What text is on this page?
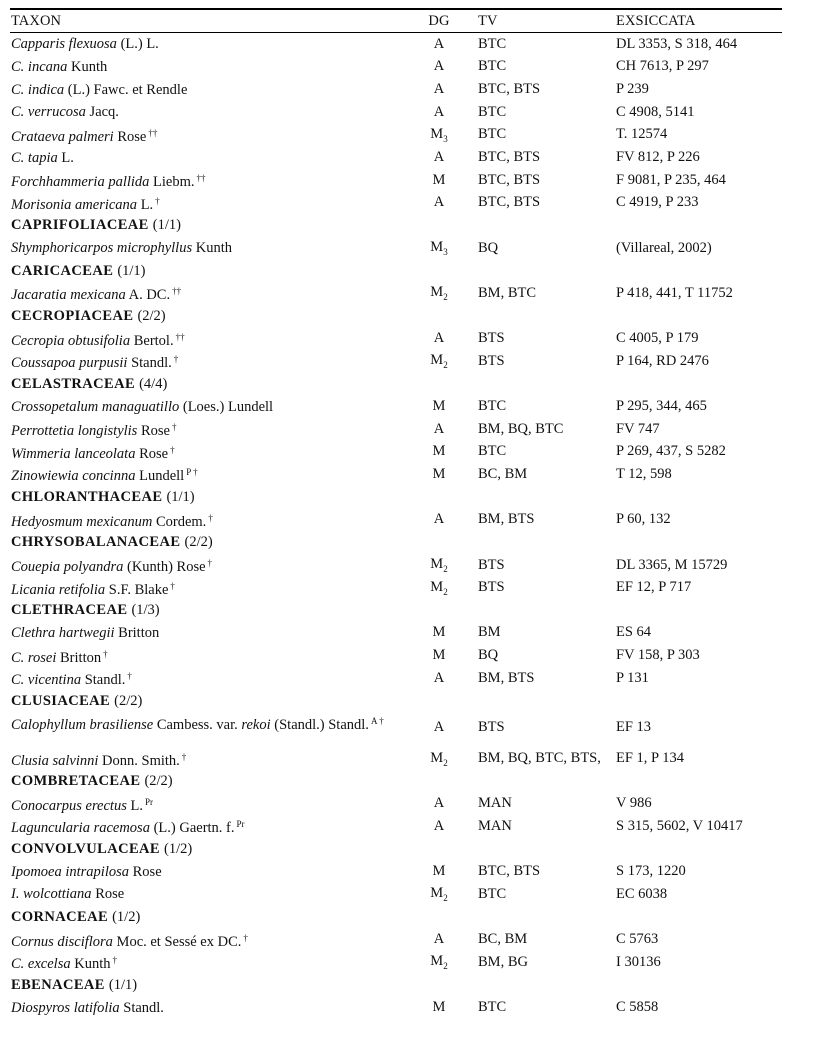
TAXON	DG	TV	EXSICCATA
Capparis flexuosa (L.) L.	A	BTC	DL 3353, S 318, 464
C. incana Kunth	A	BTC	CH 7613, P 297
C. indica (L.) Fawc. et Rendle	A	BTC, BTS	P 239
C. verrucosa Jacq.	A	BTC	C 4908, 5141
Crataeva palmeri Rose ††	$M_3$	BTC	T. 12574
C. tapia L.	A	BTC, BTS	FV 812, P 226
Forchhammeria pallida Liebm. ††	M	BTC, BTS	F 9081, P 235, 464
Morisonia americana L. †	A	BTC, BTS	C 4919, P 233
CAPRIFOLIACEAE (1/1)
Shymphoricarpos microphyllus Kunth	$M_3$	BQ	(Villareal, 2002)
CARICACEAE (1/1)
Jacaratia mexicana A. DC. ††	$M_2$	BM, BTC	P 418, 441, T 11752
CECROPIACEAE (2/2)
Cecropia obtusifolia Bertol. ††	A	BTS	C 4005, P 179
Coussapoa purpusii Standl. †	$M_2$	BTS	P 164, RD 2476
CELASTRACEAE (4/4)
Crossopetalum managuatillo (Loes.) Lundell	M	BTC	P 295, 344, 465
Perrottetia longistylis Rose †	A	BM, BQ, BTC	FV 747
Wimmeria lanceolata Rose †	M	BTC	P 269, 437, S 5282
Zinowiewia concinna Lundell $^{P \dagger}$	M	BC, BM	T 12, 598
CHLORANTHACEAE (1/1)
Hedyosmum mexicanum Cordem. †	A	BM, BTS	P 60, 132
CHRYSOBALANACEAE (2/2)
Couepia polyandra (Kunth) Rose †	$M_2$	BTS	DL 3365, M 15729
Licania retifolia S.F. Blake †	$M_2$	BTS	EF 12, P 717
CLETHRACEAE (1/3)
Clethra hartwegii Britton	M	BM	ES 64
C. rosei Britton †	M	BQ	FV 158, P 303
C. vicentina Standl. †	A	BM, BTS	P 131
CLUSIACEAE (2/2)
Calophyllum brasiliense Cambess. var. rekoi (Standl.) Standl. $^{A \dagger}$	A	BTS	EF 13
Clusia salvinni Donn. Smith. †	$M_2$	BM, BQ, BTC, BTS,	EF 1, P 134
COMBRETACEAE (2/2)
Conocarpus erectus L. $^{Pr}$	A	MAN	V 986
Laguncularia racemosa (L.) Gaertn. f. $^{Pr}$	A	MAN	S 315, 5602, V 10417
CONVOLVULACEAE (1/2)
Ipomoea intrapilosa Rose	M	BTC, BTS	S 173, 1220
I. wolcottiana Rose	$M_2$	BTC	EC 6038
CORNACEAE (1/2)
Cornus disciflora Moc. et Sessé ex DC. †	A	BC, BM	C 5763
C. excelsa Kunth †	$M_2$	BM, BG	I 30136
EBENACEAE (1/1)
Diospyros latifolia Standl.	M	BTC	C 5858
